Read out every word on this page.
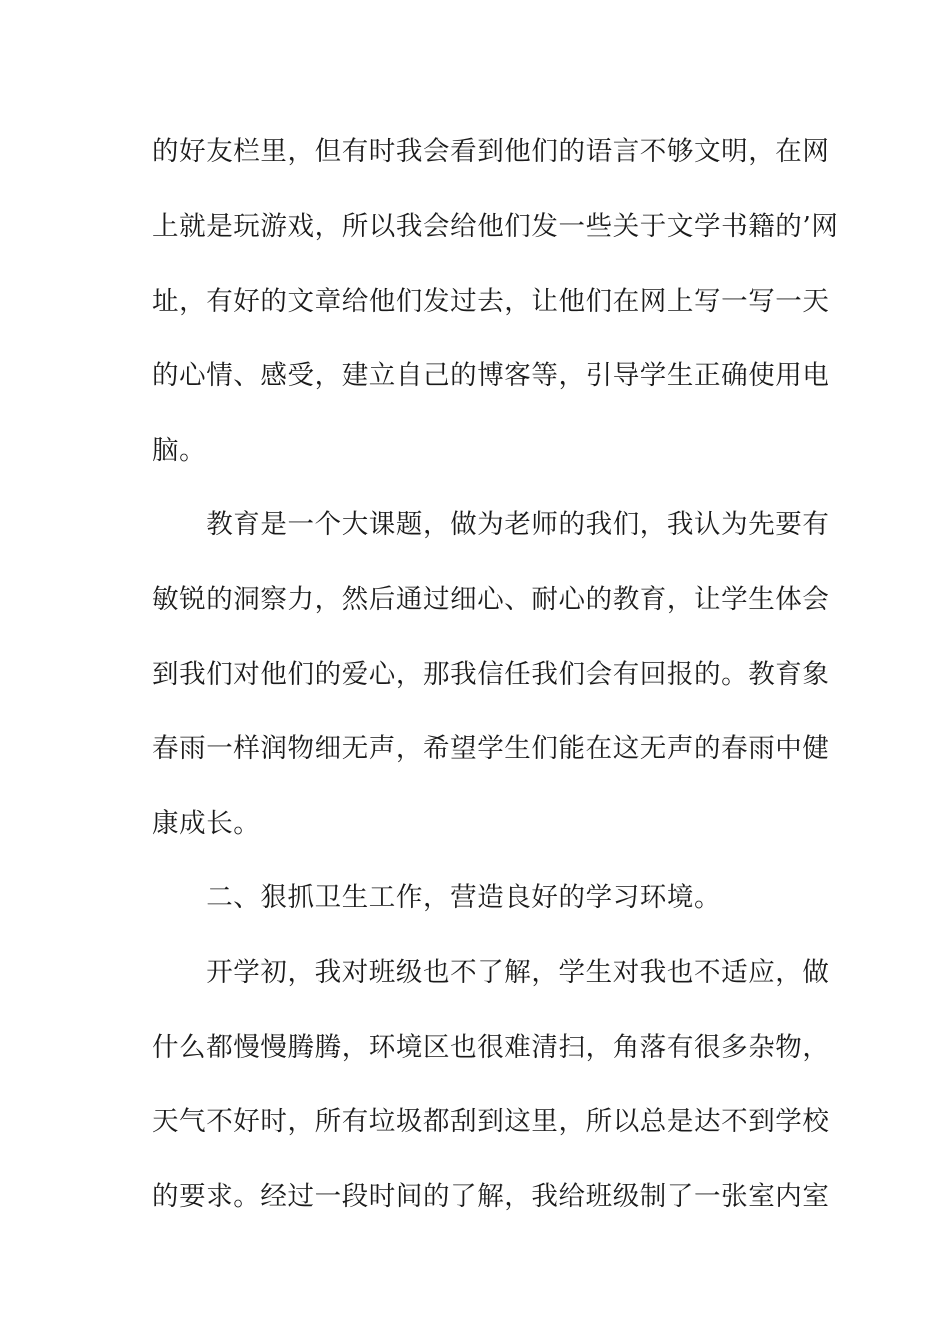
的好友栏里，但有时我会看到他们的语言不够文明，在网
上就是玩游戏，所以我会给他们发一些关于文学书籍的’网
址，有好的文章给他们发过去，让他们在网上写一写一天
的心情、感受，建立自己的博客等，引导学生正确使用电
脑。
　　教育是一个大课题，做为老师的我们，我认为先要有
敏锐的洞察力，然后通过细心、耐心的教育，让学生体会
到我们对他们的爱心，那我信任我们会有回报的。教育象
春雨一样润物细无声，希望学生们能在这无声的春雨中健
康成长。
　　二、狠抓卫生工作，营造良好的学习环境。
　　开学初，我对班级也不了解，学生对我也不适应，做
什么都慢慢腾腾，环境区也很难清扫，角落有很多杂物，
天气不好时，所有垃圾都刮到这里，所以总是达不到学校
的要求。经过一段时间的了解，我给班级制了一张室内室
